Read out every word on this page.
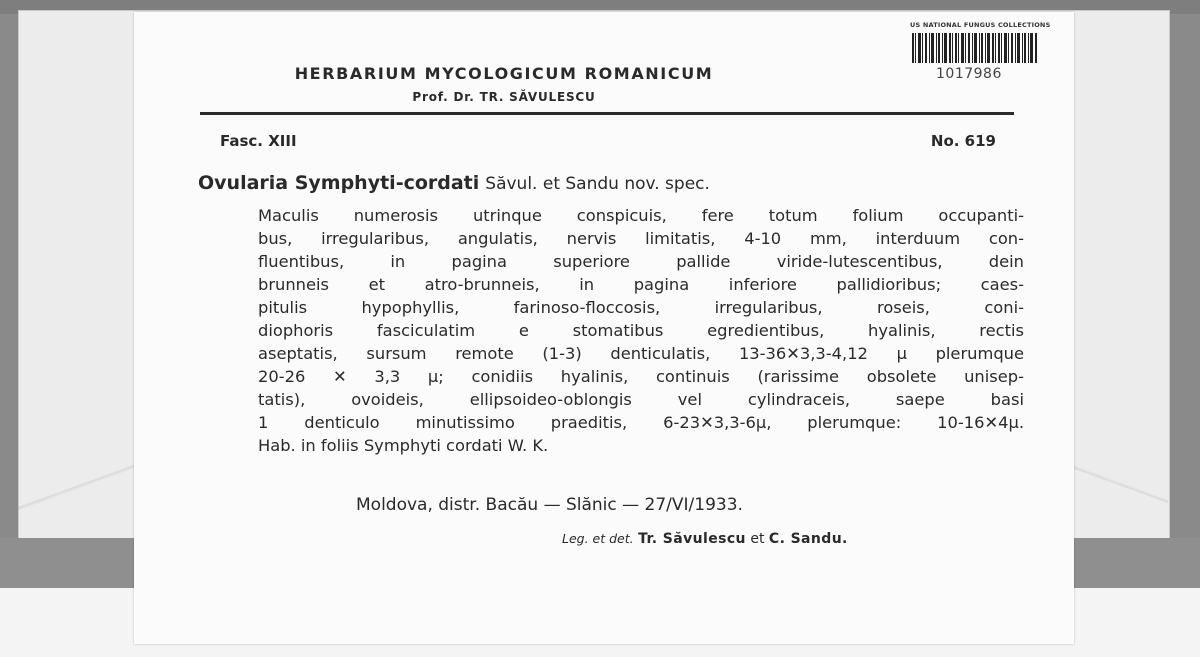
US NATIONAL FUNGUS COLLECTIONS
1017986
HERBARIUM MYCOLOGICUM ROMANICUM
Prof. Dr. TR. SĂVULESCU
Fasc. XIII	No. 619
Ovularia Symphyti-cordati Săvul. et Sandu nov. spec.
Maculis numerosis utrinque conspicuis, fere totum folium occupanti-
bus, irregularibus, angulatis, nervis limitatis, 4-10 mm, interduum con-
fluentibus, in pagina superiore pallide viride-lutescentibus, dein
brunneis et atro-brunneis, in pagina inferiore pallidioribus; caes-
pitulis hypophyllis, farinoso-floccosis, irregularibus, roseis, coni-
diophoris fasciculatim e stomatibus egredientibus, hyalinis, rectis
aseptatis, sursum remote (1-3) denticulatis, 13-36✕3,3-4,12 µ plerumque
20-26 ✕ 3,3 µ; conidiis hyalinis, continuis (rarissime obsolete unisep-
tatis), ovoideis, ellipsoideo-oblongis vel cylindraceis, saepe basi
1 denticulo minutissimo praeditis, 6-23✕3,3-6µ, plerumque: 10-16✕4µ.
Hab. in foliis Symphyti cordati W. K.
Moldova, distr. Bacău — Slănic — 27/VI/1933.
Leg. et det. Tr. Săvulescu et C. Sandu.
